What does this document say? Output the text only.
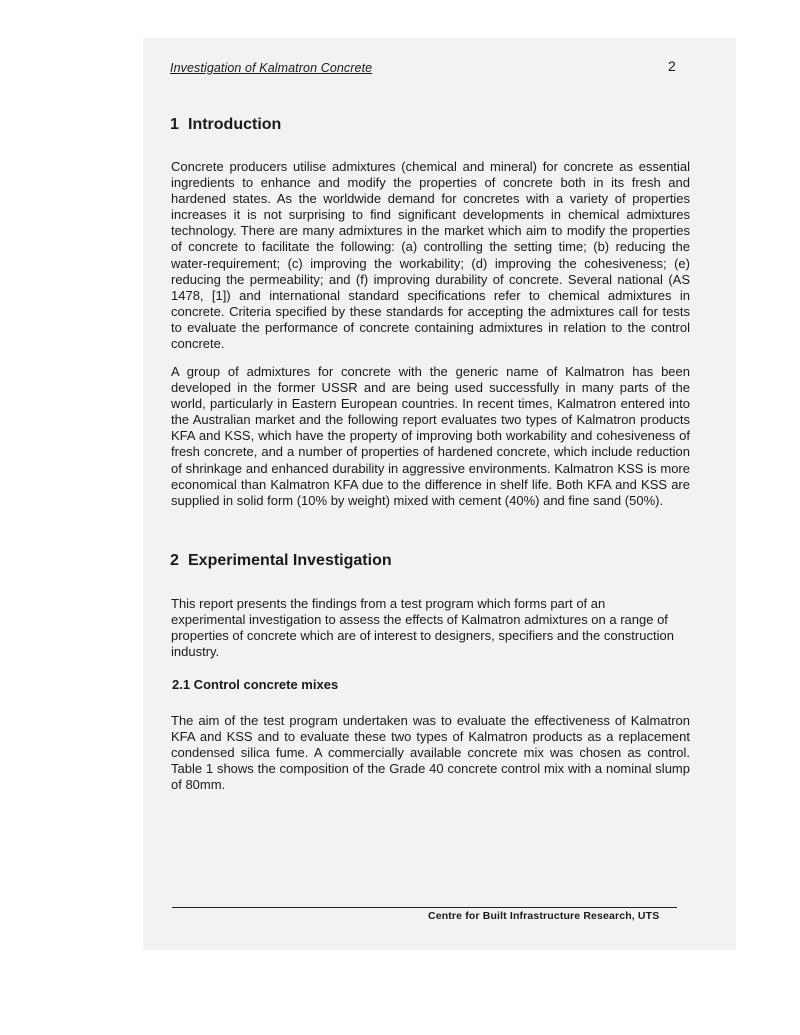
Investigation of Kalmatron Concrete	2
1 Introduction

Concrete producers utilise admixtures (chemical and mineral) for concrete as essential ingredients to enhance and modify the properties of concrete both in its fresh and hardened states. As the worldwide demand for concretes with a variety of properties increases it is not surprising to find significant developments in chemical admixtures technology. There are many admixtures in the market which aim to modify the properties of concrete to facilitate the following: (a) controlling the setting time; (b) reducing the water-requirement; (c) improving the workability; (d) improving the cohesiveness; (e) reducing the permeability; and (f) improving durability of concrete. Several national (AS 1478, [1]) and international standard specifications refer to chemical admixtures in concrete. Criteria specified by these standards for accepting the admixtures call for tests to evaluate the performance of concrete containing admixtures in relation to the control concrete.

A group of admixtures for concrete with the generic name of Kalmatron has been developed in the former USSR and are being used successfully in many parts of the world, particularly in Eastern European countries. In recent times, Kalmatron entered into the Australian market and the following report evaluates two types of Kalmatron products KFA and KSS, which have the property of improving both workability and cohesiveness of fresh concrete, and a number of properties of hardened concrete, which include reduction of shrinkage and enhanced durability in aggressive environments. Kalmatron KSS is more economical than Kalmatron KFA due to the difference in shelf life. Both KFA and KSS are supplied in solid form (10% by weight) mixed with cement (40%) and fine sand (50%).

2 Experimental Investigation

This report presents the findings from a test program which forms part of an experimental investigation to assess the effects of Kalmatron admixtures on a range of properties of concrete which are of interest to designers, specifiers and the construction industry.

2.1 Control concrete mixes

The aim of the test program undertaken was to evaluate the effectiveness of Kalmatron KFA and KSS and to evaluate these two types of Kalmatron products as a replacement condensed silica fume. A commercially available concrete mix was chosen as control. Table 1 shows the composition of the Grade 40 concrete control mix with a nominal slump of 80mm.

Centre for Built Infrastructure Research, UTS
